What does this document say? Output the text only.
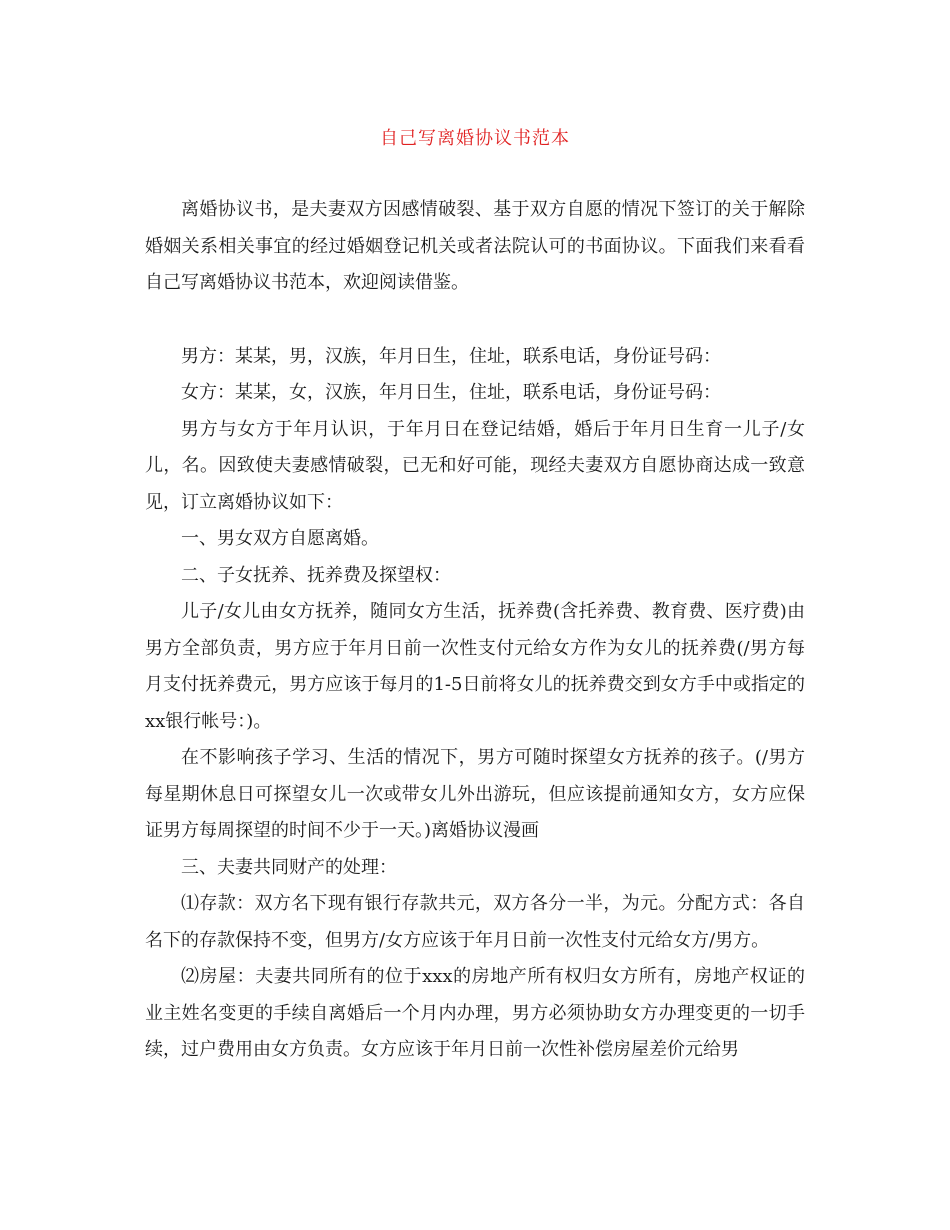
自己写离婚协议书范本

离婚协议书，是夫妻双方因感情破裂、基于双方自愿的情况下签订的关于解除婚姻关系相关事宜的经过婚姻登记机关或者法院认可的书面协议。下面我们来看看自己写离婚协议书范本，欢迎阅读借鉴。

男方：某某，男，汉族，年月日生，住址，联系电话，身份证号码：

女方：某某，女，汉族，年月日生，住址，联系电话，身份证号码：

男方与女方于年月认识，于年月日在登记结婚，婚后于年月日生育一儿子/女儿，名。因致使夫妻感情破裂，已无和好可能，现经夫妻双方自愿协商达成一致意见，订立离婚协议如下：

一、男女双方自愿离婚。

二、子女抚养、抚养费及探望权：

儿子/女儿由女方抚养，随同女方生活，抚养费(含托养费、教育费、医疗费)由男方全部负责，男方应于年月日前一次性支付元给女方作为女儿的抚养费(/男方每月支付抚养费元，男方应该于每月的1-5日前将女儿的抚养费交到女方手中或指定的xx银行帐号：)。

在不影响孩子学习、生活的情况下，男方可随时探望女方抚养的孩子。(/男方每星期休息日可探望女儿一次或带女儿外出游玩，但应该提前通知女方，女方应保证男方每周探望的时间不少于一天。)离婚协议漫画

三、夫妻共同财产的处理：

⑴存款：双方名下现有银行存款共元，双方各分一半，为元。分配方式：各自名下的存款保持不变，但男方/女方应该于年月日前一次性支付元给女方/男方。

⑵房屋：夫妻共同所有的位于xxx的房地产所有权归女方所有，房地产权证的业主姓名变更的手续自离婚后一个月内办理，男方必须协助女方办理变更的一切手续，过户费用由女方负责。女方应该于年月日前一次性补偿房屋差价元给男
